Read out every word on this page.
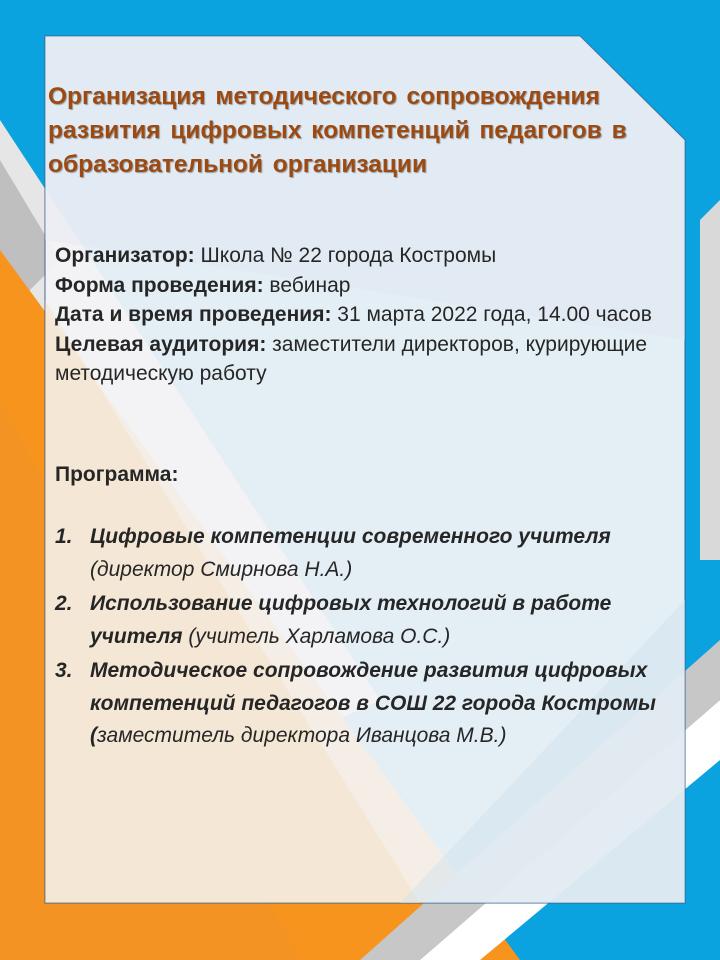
Организация методического сопровождения развития цифровых компетенций педагогов в образовательной организации

Организатор: Школа № 22 города Костромы

Форма проведения: вебинар

Дата и время проведения: 31 марта 2022 года, 14.00 часов

Целевая аудитория: заместители директоров, курирующие методическую работу

Программа:

1. Цифровые компетенции современного учителя (директор Смирнова Н.А.)
2. Использование цифровых технологий в работе учителя (учитель Харламова О.С.)
3. Методическое сопровождение развития цифровых компетенций педагогов в СОШ 22 города Костромы (заместитель директора Иванцова М.В.)
